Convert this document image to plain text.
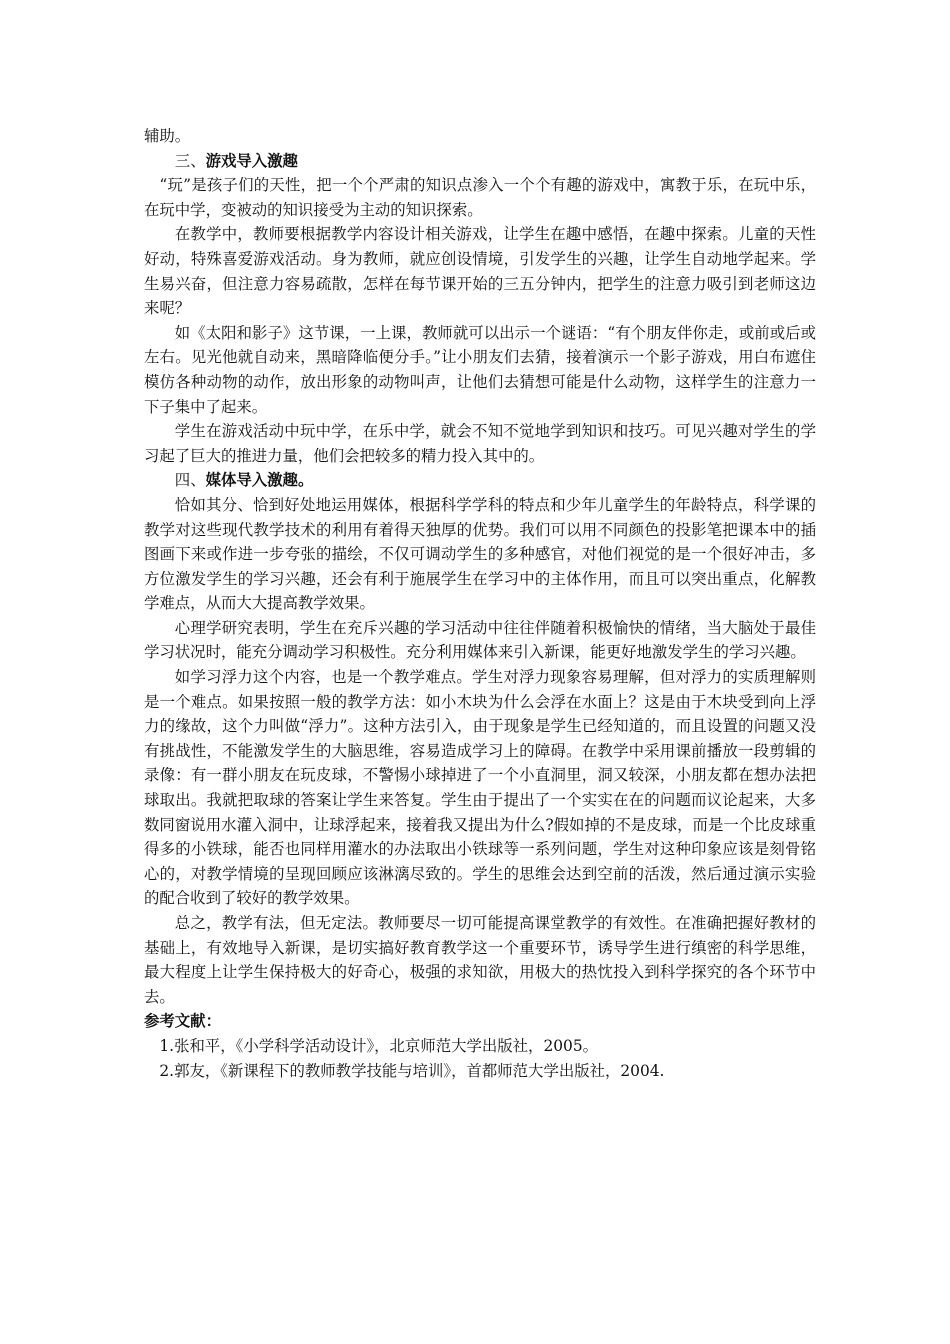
辅助。

三、游戏导入激趣

“玩”是孩子们的天性，把一个个严肃的知识点渗入一个个有趣的游戏中，寓教于乐，在玩中乐，在玩中学，变被动的知识接受为主动的知识探索。

在教学中，教师要根据教学内容设计相关游戏，让学生在趣中感悟，在趣中探索。儿童的天性好动，特殊喜爱游戏活动。身为教师，就应创设情境，引发学生的兴趣，让学生自动地学起来。学生易兴奋，但注意力容易疏散，怎样在每节课开始的三五分钟内，把学生的注意力吸引到老师这边来呢？

如《太阳和影子》这节课，一上课，教师就可以出示一个谜语：“有个朋友伴你走，或前或后或左右。见光他就自动来，黑暗降临便分手。”让小朋友们去猜，接着演示一个影子游戏，用白布遮住模仿各种动物的动作，放出形象的动物叫声，让他们去猜想可能是什么动物，这样学生的注意力一下子集中了起来。

学生在游戏活动中玩中学，在乐中学，就会不知不觉地学到知识和技巧。可见兴趣对学生的学习起了巨大的推进力量，他们会把较多的精力投入其中的。

四、媒体导入激趣。

恰如其分、恰到好处地运用媒体，根据科学学科的特点和少年儿童学生的年龄特点，科学课的教学对这些现代教学技术的利用有着得天独厚的优势。我们可以用不同颜色的投影笔把课本中的插图画下来或作进一步夸张的描绘，不仅可调动学生的多种感官，对他们视觉的是一个很好冲击，多方位激发学生的学习兴趣，还会有利于施展学生在学习中的主体作用，而且可以突出重点，化解教学难点，从而大大提高教学效果。

心理学研究表明，学生在充斥兴趣的学习活动中往往伴随着积极愉快的情绪，当大脑处于最佳学习状况时，能充分调动学习积极性。充分利用媒体来引入新课，能更好地激发学生的学习兴趣。

如学习浮力这个内容，也是一个教学难点。学生对浮力现象容易理解，但对浮力的实质理解则是一个难点。如果按照一般的教学方法：如小木块为什么会浮在水面上？这是由于木块受到向上浮力的缘故，这个力叫做“浮力”。这种方法引入，由于现象是学生已经知道的，而且设置的问题又没有挑战性，不能激发学生的大脑思维，容易造成学习上的障碍。在教学中采用课前播放一段剪辑的录像：有一群小朋友在玩皮球，不警惕小球掉进了一个小直洞里，洞又较深，小朋友都在想办法把球取出。我就把取球的答案让学生来答复。学生由于提出了一个实实在在的问题而议论起来，大多数同窗说用水灌入洞中，让球浮起来，接着我又提出为什么?假如掉的不是皮球，而是一个比皮球重得多的小铁球，能否也同样用灌水的办法取出小铁球等一系列问题，学生对这种印象应该是刻骨铭心的，对教学情境的呈现回顾应该淋漓尽致的。学生的思维会达到空前的活泼，然后通过演示实验的配合收到了较好的教学效果。

总之，教学有法，但无定法。教师要尽一切可能提高课堂教学的有效性。在准确把握好教材的基础上，有效地导入新课，是切实搞好教育教学这一个重要环节，诱导学生进行缜密的科学思维，最大程度上让学生保持极大的好奇心，极强的求知欲，用极大的热忱投入到科学探究的各个环节中去。

参考文献：

1.张和平，《小学科学活动设计》，北京师范大学出版社，2005。

2.郭友，《新课程下的教师教学技能与培训》，首都师范大学出版社，2004.
